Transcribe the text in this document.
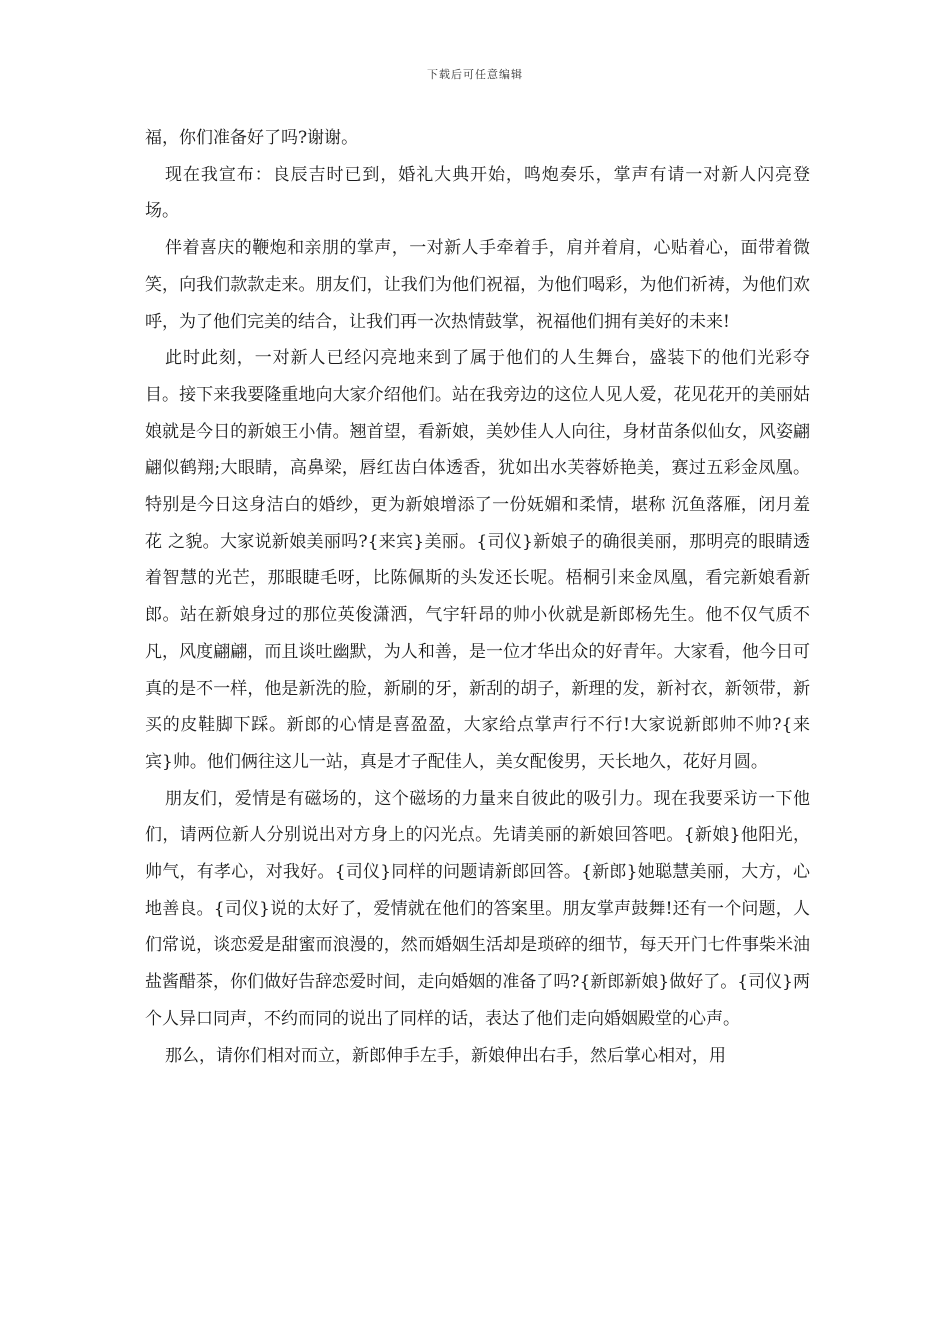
下载后可任意编辑

福，你们准备好了吗?谢谢。

现在我宣布：良辰吉时已到，婚礼大典开始，鸣炮奏乐，掌声有请一对新人闪亮登场。

伴着喜庆的鞭炮和亲朋的掌声，一对新人手牵着手，肩并着肩，心贴着心，面带着微笑，向我们款款走来。朋友们，让我们为他们祝福，为他们喝彩，为他们祈祷，为他们欢呼，为了他们完美的结合，让我们再一次热情鼓掌，祝福他们拥有美好的未来!

此时此刻，一对新人已经闪亮地来到了属于他们的人生舞台，盛装下的他们光彩夺目。接下来我要隆重地向大家介绍他们。站在我旁边的这位人见人爱，花见花开的美丽姑娘就是今日的新娘王小倩。翘首望，看新娘，美妙佳人人向往，身材苗条似仙女，风姿翩翩似鹤翔;大眼睛，高鼻梁，唇红齿白体透香，犹如出水芙蓉娇艳美，赛过五彩金凤凰。特别是今日这身洁白的婚纱，更为新娘增添了一份妩媚和柔情，堪称 沉鱼落雁，闭月羞花 之貌。大家说新娘美丽吗?{来宾}美丽。{司仪}新娘子的确很美丽，那明亮的眼睛透着智慧的光芒，那眼睫毛呀，比陈佩斯的头发还长呢。梧桐引来金凤凰，看完新娘看新郎。站在新娘身过的那位英俊潇洒，气宇轩昂的帅小伙就是新郎杨先生。他不仅气质不凡，风度翩翩，而且谈吐幽默，为人和善，是一位才华出众的好青年。大家看，他今日可真的是不一样，他是新洗的脸，新刷的牙，新刮的胡子，新理的发，新衬衣，新领带，新买的皮鞋脚下踩。新郎的心情是喜盈盈，大家给点掌声行不行!大家说新郎帅不帅?{来宾}帅。他们俩往这儿一站，真是才子配佳人，美女配俊男，天长地久，花好月圆。

朋友们，爱情是有磁场的，这个磁场的力量来自彼此的吸引力。现在我要采访一下他们，请两位新人分别说出对方身上的闪光点。先请美丽的新娘回答吧。{新娘}他阳光，帅气，有孝心，对我好。{司仪}同样的问题请新郎回答。{新郎}她聪慧美丽，大方，心地善良。{司仪}说的太好了，爱情就在他们的答案里。朋友掌声鼓舞!还有一个问题，人们常说，谈恋爱是甜蜜而浪漫的，然而婚姻生活却是琐碎的细节，每天开门七件事柴米油盐酱醋茶，你们做好告辞恋爱时间，走向婚姻的准备了吗?{新郎新娘}做好了。{司仪}两个人异口同声，不约而同的说出了同样的话，表达了他们走向婚姻殿堂的心声。

那么，请你们相对而立，新郎伸手左手，新娘伸出右手，然后掌心相对，用
